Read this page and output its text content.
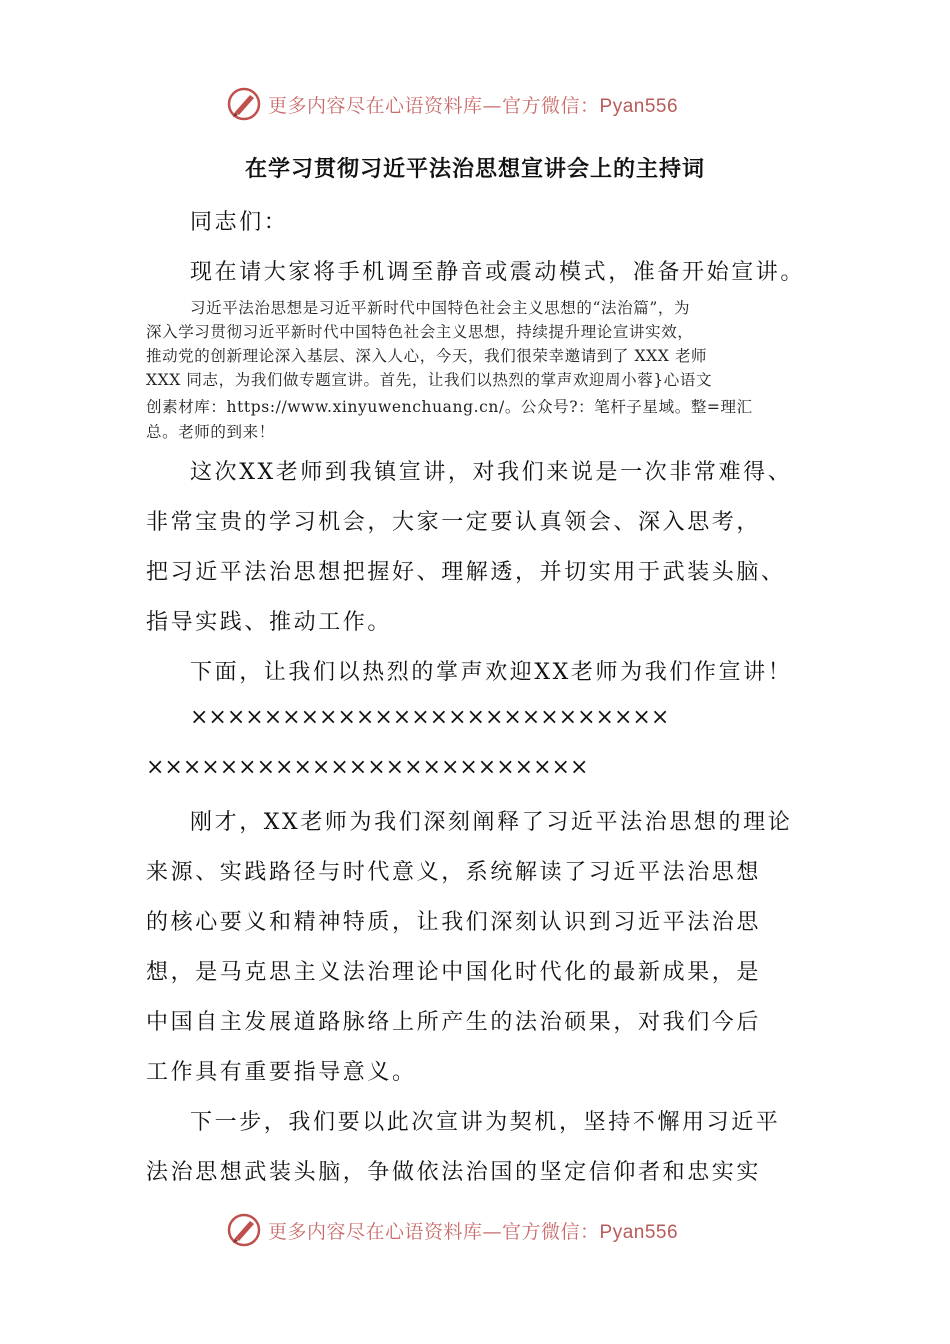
更多内容尽在心语资料库—官方微信：Pyan556
在学习贯彻习近平法治思想宣讲会上的主持词
同志们：
现在请大家将手机调至静音或震动模式，准备开始宣讲。
习近平法治思想是习近平新时代中国特色社会主义思想的“法治篇”，为
深入学习贯彻习近平新时代中国特色社会主义思想，持续提升理论宣讲实效，
推动党的创新理论深入基层、深入人心，今天，我们很荣幸邀请到了 XXX 老师
XXX 同志，为我们做专题宣讲。首先，让我们以热烈的掌声欢迎周小蓉}心语文
创素材库：https://www.xinyuwenchuang.cn/。公众号?：笔杆子星域。整=理汇
总。老师的到来！
这次XX老师到我镇宣讲，对我们来说是一次非常难得、
非常宝贵的学习机会，大家一定要认真领会、深入思考，
把习近平法治思想把握好、理解透，并切实用于武装头脑、
指导实践、推动工作。
下面，让我们以热烈的掌声欢迎XX老师为我们作宣讲！
××××××××××××××××××××××××××
××××××××××××××××××××××××
刚才，XX老师为我们深刻阐释了习近平法治思想的理论
来源、实践路径与时代意义，系统解读了习近平法治思想
的核心要义和精神特质，让我们深刻认识到习近平法治思
想，是马克思主义法治理论中国化时代化的最新成果，是
中国自主发展道路脉络上所产生的法治硕果，对我们今后
工作具有重要指导意义。
下一步，我们要以此次宣讲为契机，坚持不懈用习近平
法治思想武装头脑，争做依法治国的坚定信仰者和忠实实
更多内容尽在心语资料库—官方微信：Pyan556
